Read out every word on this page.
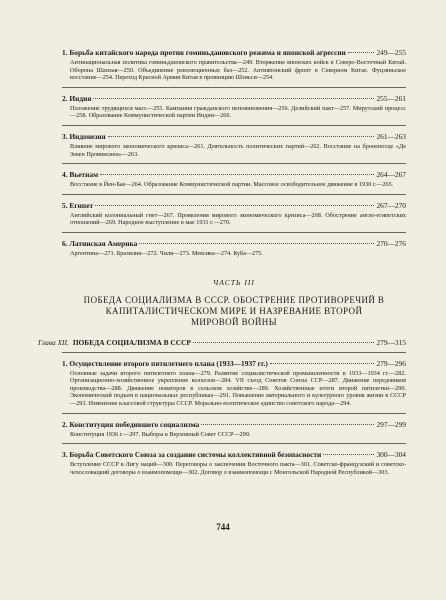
1. Борьба китайского народа против гоминьдановского режима и японской агрессии	249—255
Антинациональная политика гоминьдановского правительства—249. Вторжение японских войск в Северо-Восточный Китай. Оборона Шанхая—250. Объединение революционных баз—252. Антияпонский фронт в Северном Китае. Фуцзяньское восстание—254. Переход Красной Армии Китая в провинцию Шэньси—254.
2. Индия	255—261
Положение трудящихся масс—255. Кампания гражданского неповиновения—256. Делийский пакт—257. Мирутский процесс—258. Образование Коммунистической партии Индии—260.
3. Индонезия	261—263
Влияние мирового экономического кризиса—261. Деятельность политических партий—262. Восстание на броненосце «Де Зевен Провинсиен»—263.
4. Вьетнам	264—267
Восстание в Йен-Бае—264. Образование Коммунистической партии. Массовое освободительное движение в 1930 г.—265.
5. Египет	267—270
Английский колониальный гнет—267. Проявления мирового экономического кризиса—268. Обострение англо-египетских отношений—269. Народное выступление в мае 1931 г.—270.
6. Латинская Америка	270—276
Аргентина—271. Бразилия—272. Чили—273. Мексика—274. Куба—275.
ЧАСТЬ III
ПОБЕДА СОЦИАЛИЗМА В СССР. ОБОСТРЕНИЕ ПРОТИВОРЕЧИЙ В КАПИТАЛИСТИЧЕСКОМ МИРЕ И НАЗРЕВАНИЕ ВТОРОЙ МИРОВОЙ ВОЙНЫ
Глава XII. ПОБЕДА СОЦИАЛИЗМА В СССР	279—315
1. Осуществление второго пятилетнего плана (1933—1937 гг.)	279—296
Основные задачи второго пятилетнего плана—279. Развитие социалистической промышленности в 1933—1934 гг.—282. Организационно-хозяйственное укрепление колхозов—284. VII съезд Советов Союза ССР—287. Движение передовиков производства—288. Движение новаторов в сельском хозяйстве—289. Хозяйственные итоги второй пятилетки—290. Экономический подъем в национальных республиках—291. Повышение материального и культурного уровня жизни в СССР—293. Изменение классовой структуры СССР. Морально-политическое единство советского народа—294.
2. Конституция победившего социализма	297—299
Конституция 1936 г.—297. Выборы в Верховный Совет СССР—299.
3. Борьба Советского Союза за создание системы коллективной безопасности	300—304
Вступление СССР в Лигу наций—300. Переговоры о заключении Восточного пакта—301. Советско-французский и советско-чехословацкий договоры о взаимопомощи—302. Договор о взаимопомощи с Монгольской Народной Республикой—303.
744
